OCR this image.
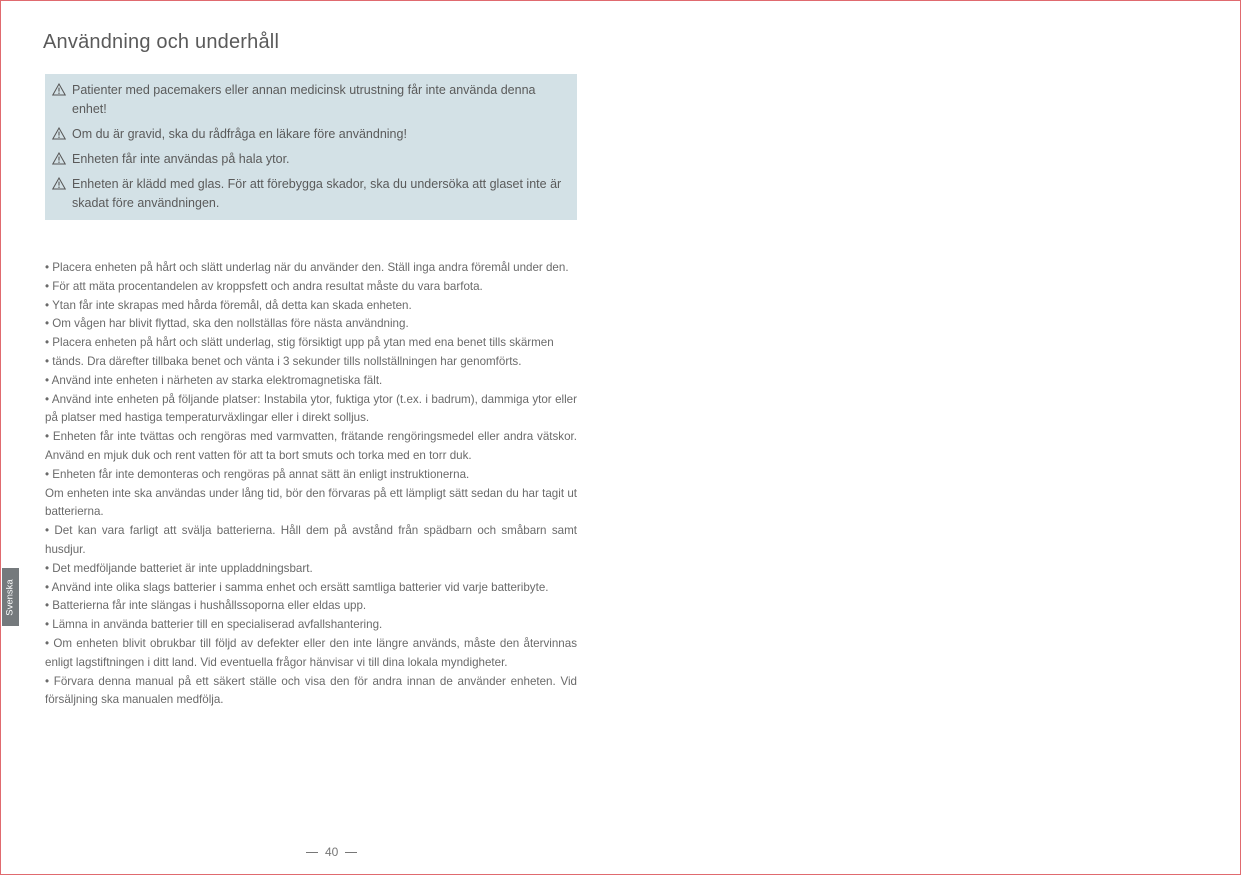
Användning och underhåll
Patienter med pacemakers eller annan medicinsk utrustning får inte använda denna enhet!
Om du är gravid, ska du rådfråga en läkare före användning!
Enheten får inte användas på hala ytor.
Enheten är klädd med glas. För att förebygga skador, ska du undersöka att glaset inte är skadat före användningen.

• Placera enheten på hårt och slätt underlag när du använder den. Ställ inga andra föremål under den.

• För att mäta procentandelen av kroppsfett och andra resultat måste du vara barfota.

• Ytan får inte skrapas med hårda föremål, då detta kan skada enheten.

• Om vågen har blivit flyttad, ska den nollställas före nästa användning.

• Placera enheten på hårt och slätt underlag, stig försiktigt upp på ytan med ena benet tills skärmen

• tänds. Dra därefter tillbaka benet och vänta i 3 sekunder tills nollställningen har genomförts.

• Använd inte enheten i närheten av starka elektromagnetiska fält.

• Använd inte enheten på följande platser: Instabila ytor, fuktiga ytor (t.ex. i badrum), dammiga ytor eller på platser med hastiga temperaturväxlingar eller i direkt solljus.

• Enheten får inte tvättas och rengöras med varmvatten, frätande rengöringsmedel eller andra vätskor. Använd en mjuk duk och rent vatten för att ta bort smuts och torka med en torr duk.

• Enheten får inte demonteras och rengöras på annat sätt än enligt instruktionerna.

Om enheten inte ska användas under lång tid, bör den förvaras på ett lämpligt sätt sedan du har tagit ut batterierna.

• Det kan vara farligt att svälja batterierna. Håll dem på avstånd från spädbarn och småbarn samt husdjur.

• Det medföljande batteriet är inte uppladdningsbart.

• Använd inte olika slags batterier i samma enhet och ersätt samtliga batterier vid varje batteribyte.

• Batterierna får inte slängas i hushållssoporna eller eldas upp.

• Lämna in använda batterier till en specialiserad avfallshantering.

• Om enheten blivit obrukbar till följd av defekter eller den inte längre används, måste den återvinnas enligt lagstiftningen i ditt land. Vid eventuella frågor hänvisar vi till dina lokala myndigheter.

• Förvara denna manual på ett säkert ställe och visa den för andra innan de använder enheten. Vid försäljning ska manualen medfölja.

Svenska
40
